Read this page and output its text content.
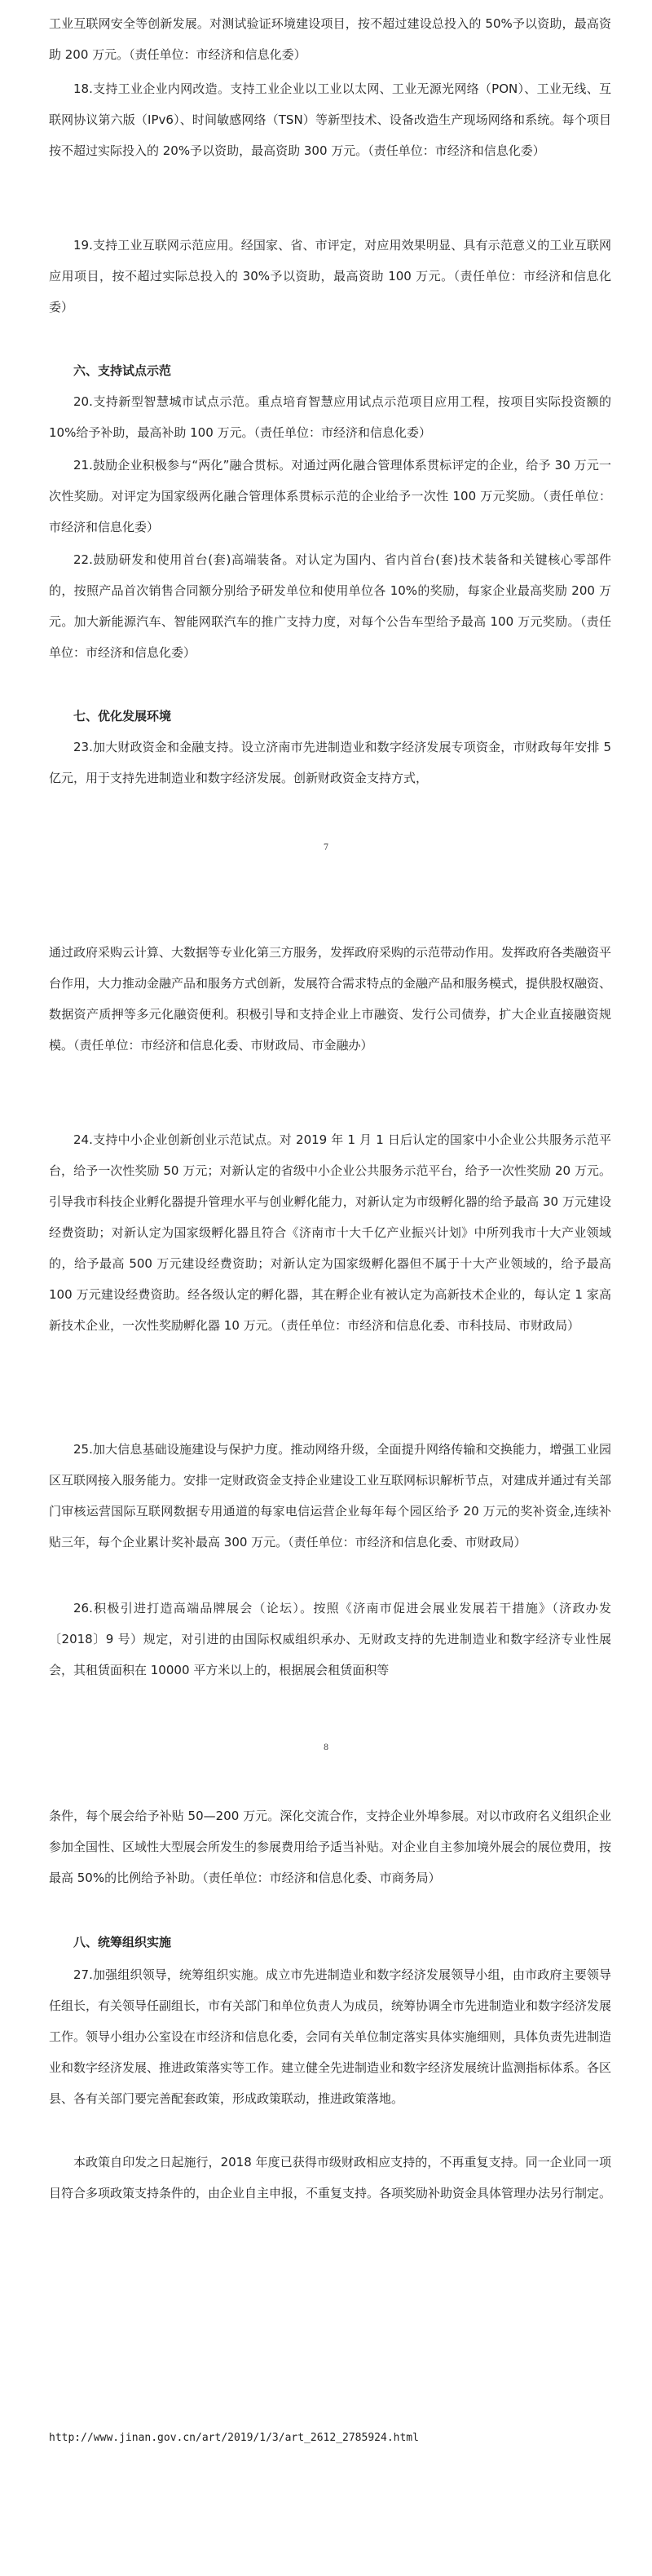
工业互联网安全等创新发展。对测试验证环境建设项目，按不超过建设总投入的 50%予以资助，最高资助 200 万元。（责任单位：市经济和信息化委）

18.支持工业企业内网改造。支持工业企业以工业以太网、工业无源光网络（PON）、工业无线、互联网协议第六版（IPv6）、时间敏感网络（TSN）等新型技术、设备改造生产现场网络和系统。每个项目按不超过实际投入的 20%予以资助，最高资助 300 万元。（责任单位：市经济和信息化委）

19.支持工业互联网示范应用。经国家、省、市评定，对应用效果明显、具有示范意义的工业互联网应用项目，按不超过实际总投入的 30%予以资助，最高资助 100 万元。（责任单位：市经济和信息化委）

六、支持试点示范

20.支持新型智慧城市试点示范。重点培育智慧应用试点示范项目应用工程，按项目实际投资额的 10%给予补助，最高补助 100 万元。（责任单位：市经济和信息化委）

21.鼓励企业积极参与“两化”融合贯标。对通过两化融合管理体系贯标评定的企业，给予 30 万元一次性奖励。对评定为国家级两化融合管理体系贯标示范的企业给予一次性 100 万元奖励。（责任单位：市经济和信息化委）

22.鼓励研发和使用首台(套)高端装备。对认定为国内、省内首台(套)技术装备和关键核心零部件的，按照产品首次销售合同额分别给予研发单位和使用单位各 10%的奖励，每家企业最高奖励 200 万元。加大新能源汽车、智能网联汽车的推广支持力度，对每个公告车型给予最高 100 万元奖励。（责任单位：市经济和信息化委）

七、优化发展环境

23.加大财政资金和金融支持。设立济南市先进制造业和数字经济发展专项资金，市财政每年安排 5 亿元，用于支持先进制造业和数字经济发展。创新财政资金支持方式，

7

通过政府采购云计算、大数据等专业化第三方服务，发挥政府采购的示范带动作用。发挥政府各类融资平台作用，大力推动金融产品和服务方式创新，发展符合需求特点的金融产品和服务模式，提供股权融资、数据资产质押等多元化融资便利。积极引导和支持企业上市融资、发行公司债券，扩大企业直接融资规模。（责任单位：市经济和信息化委、市财政局、市金融办）

24.支持中小企业创新创业示范试点。对 2019 年 1 月 1 日后认定的国家中小企业公共服务示范平台，给予一次性奖励 50 万元；对新认定的省级中小企业公共服务示范平台，给予一次性奖励 20 万元。引导我市科技企业孵化器提升管理水平与创业孵化能力，对新认定为市级孵化器的给予最高 30 万元建设经费资助；对新认定为国家级孵化器且符合《济南市十大千亿产业振兴计划》中所列我市十大产业领域的，给予最高 500 万元建设经费资助；对新认定为国家级孵化器但不属于十大产业领域的，给予最高 100 万元建设经费资助。经各级认定的孵化器，其在孵企业有被认定为高新技术企业的，每认定 1 家高新技术企业，一次性奖励孵化器 10 万元。（责任单位：市经济和信息化委、市科技局、市财政局）

25.加大信息基础设施建设与保护力度。推动网络升级，全面提升网络传输和交换能力，增强工业园区互联网接入服务能力。安排一定财政资金支持企业建设工业互联网标识解析节点，对建成并通过有关部门审核运营国际互联网数据专用通道的每家电信运营企业每年每个园区给予 20 万元的奖补资金,连续补贴三年，每个企业累计奖补最高 300 万元。（责任单位：市经济和信息化委、市财政局）

26.积极引进打造高端品牌展会（论坛）。按照《济南市促进会展业发展若干措施》（济政办发〔2018〕9 号）规定，对引进的由国际权威组织承办、无财政支持的先进制造业和数字经济专业性展会，其租赁面积在 10000 平方米以上的，根据展会租赁面积等

8

条件，每个展会给予补贴 50—200 万元。深化交流合作，支持企业外埠参展。对以市政府名义组织企业参加全国性、区域性大型展会所发生的参展费用给予适当补贴。对企业自主参加境外展会的展位费用，按最高 50%的比例给予补助。（责任单位：市经济和信息化委、市商务局）

八、统筹组织实施

27.加强组织领导，统筹组织实施。成立市先进制造业和数字经济发展领导小组，由市政府主要领导任组长，有关领导任副组长，市有关部门和单位负责人为成员，统筹协调全市先进制造业和数字经济发展工作。领导小组办公室设在市经济和信息化委，会同有关单位制定落实具体实施细则，具体负责先进制造业和数字经济发展、推进政策落实等工作。建立健全先进制造业和数字经济发展统计监测指标体系。各区县、各有关部门要完善配套政策，形成政策联动，推进政策落地。

本政策自印发之日起施行，2018 年度已获得市级财政相应支持的，不再重复支持。同一企业同一项目符合多项政策支持条件的，由企业自主申报，不重复支持。各项奖励补助资金具体管理办法另行制定。

http://www.jinan.gov.cn/art/2019/1/3/art_2612_2785924.html
